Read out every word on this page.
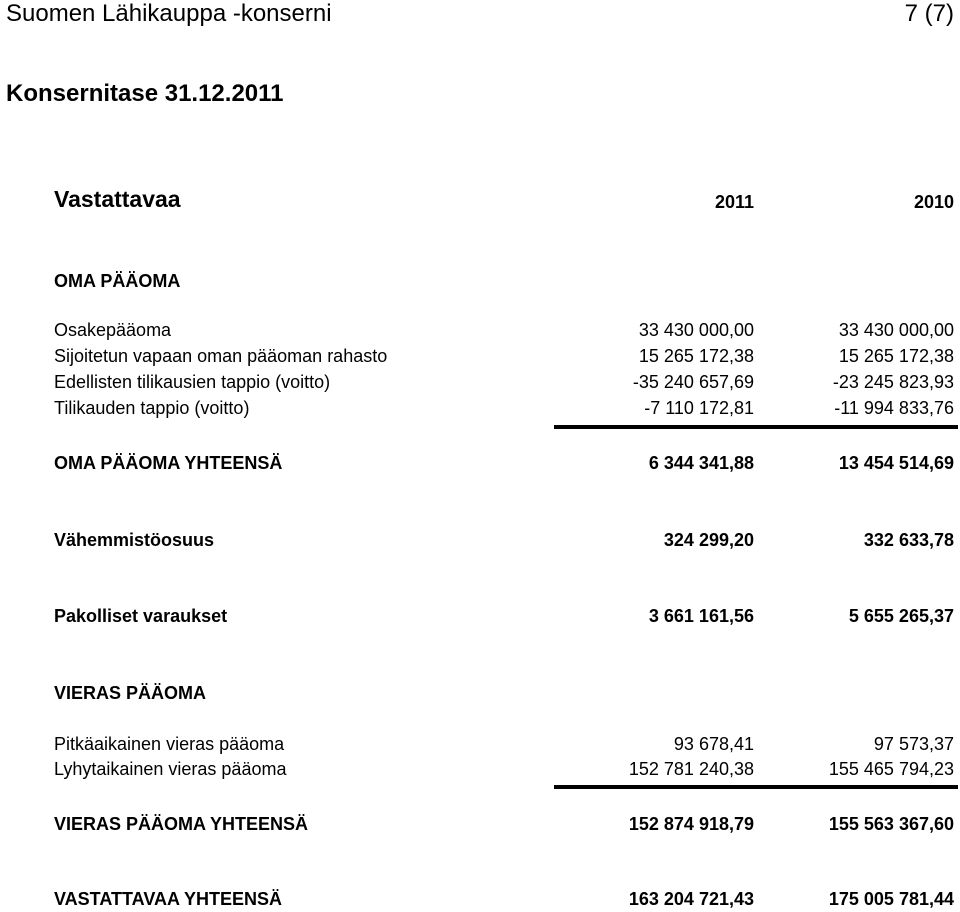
Suomen Lähikauppa -konserni	7 (7)
Konsernitase 31.12.2011
Vastattavaa	2011	2010
OMA PÄÄOMA
Osakepääoma	33 430 000,00	33 430 000,00
Sijoitetun vapaan oman pääoman rahasto	15 265 172,38	15 265 172,38
Edellisten tilikausien tappio (voitto)	-35 240 657,69	-23 245 823,93
Tilikauden tappio (voitto)	-7 110 172,81	-11 994 833,76
OMA PÄÄOMA YHTEENSÄ	6 344 341,88	13 454 514,69
Vähemmistöosuus	324 299,20	332 633,78
Pakolliset varaukset	3 661 161,56	5 655 265,37
VIERAS PÄÄOMA
Pitkäaikainen vieras pääoma	93 678,41	97 573,37
Lyhytaikainen vieras pääoma	152 781 240,38	155 465 794,23
VIERAS PÄÄOMA YHTEENSÄ	152 874 918,79	155 563 367,60
VASTATTAVAA YHTEENSÄ	163 204 721,43	175 005 781,44
